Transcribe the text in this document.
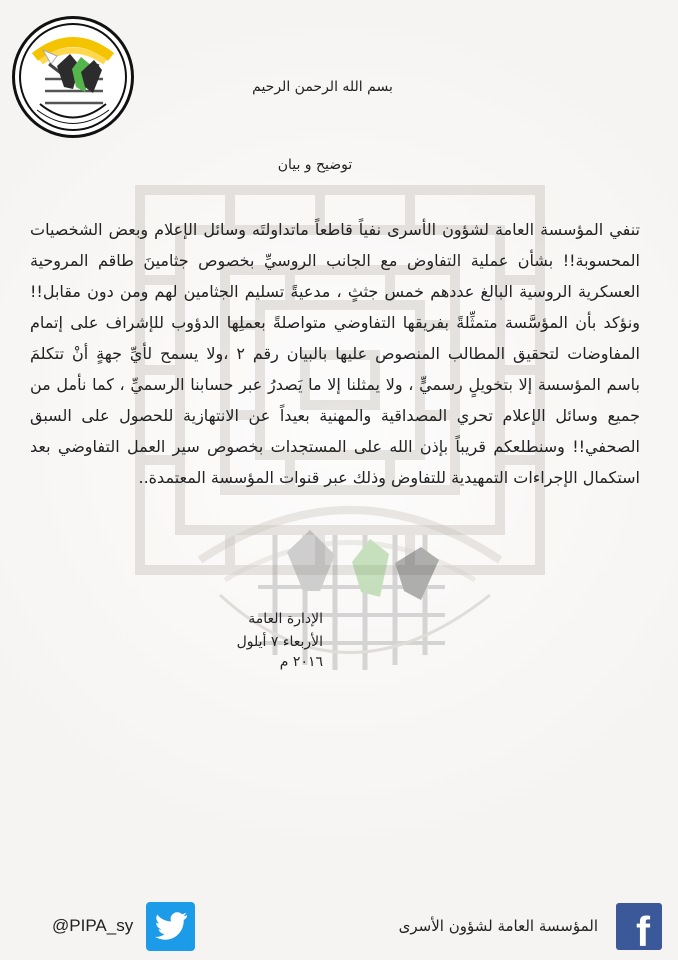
بسم الله الرحمن الرحيم
توضيح و بيان
تنفي المؤسسة العامة لشؤون الأسرى نفياً قاطعاً ماتداولتَه وسائل الإعلام وبعض الشخصيات المحسوبة!! بشأن عملية التفاوض مع الجانب الروسيِّ بخصوص جثامينَ طاقم المروحية العسكرية الروسية البالغ عددهم خمس جثثٍ ، مدعيةً تسليم الجثامين لهم ومن دون مقابل!! ونؤكد بأن المؤسَّسة متمثِّلةً بفريقها التفاوضي متواصلةً بعملِها الدؤوب للإشراف على إتمام المفاوضات لتحقيق المطالب المنصوص عليها بالبيان رقم ٢ ،ولا يسمح لأيِّ جهةٍ أنْ تتكلمَ باسم المؤسسة إلا بتخويلٍ رسميٍّ ، ولا يمثلنا إلا ما يَصدرُ عبر حسابنا الرسميِّ ، كما نأمل من جميع وسائل الإعلام تحري المصداقية والمهنية بعيداً عن الانتهازية للحصول على السبق الصحفي!! وسنطلعكم قريباً بإذن الله على المستجدات بخصوص سير العمل التفاوضي بعد استكمال الإجراءات التمهيدية للتفاوض وذلك عبر قنوات المؤسسة المعتمدة..
الإدارة العامة
الأربعاء ٧ أيلول ٢٠١٦ م
@PIPA_sy	المؤسسة العامة لشؤون الأسرى f
